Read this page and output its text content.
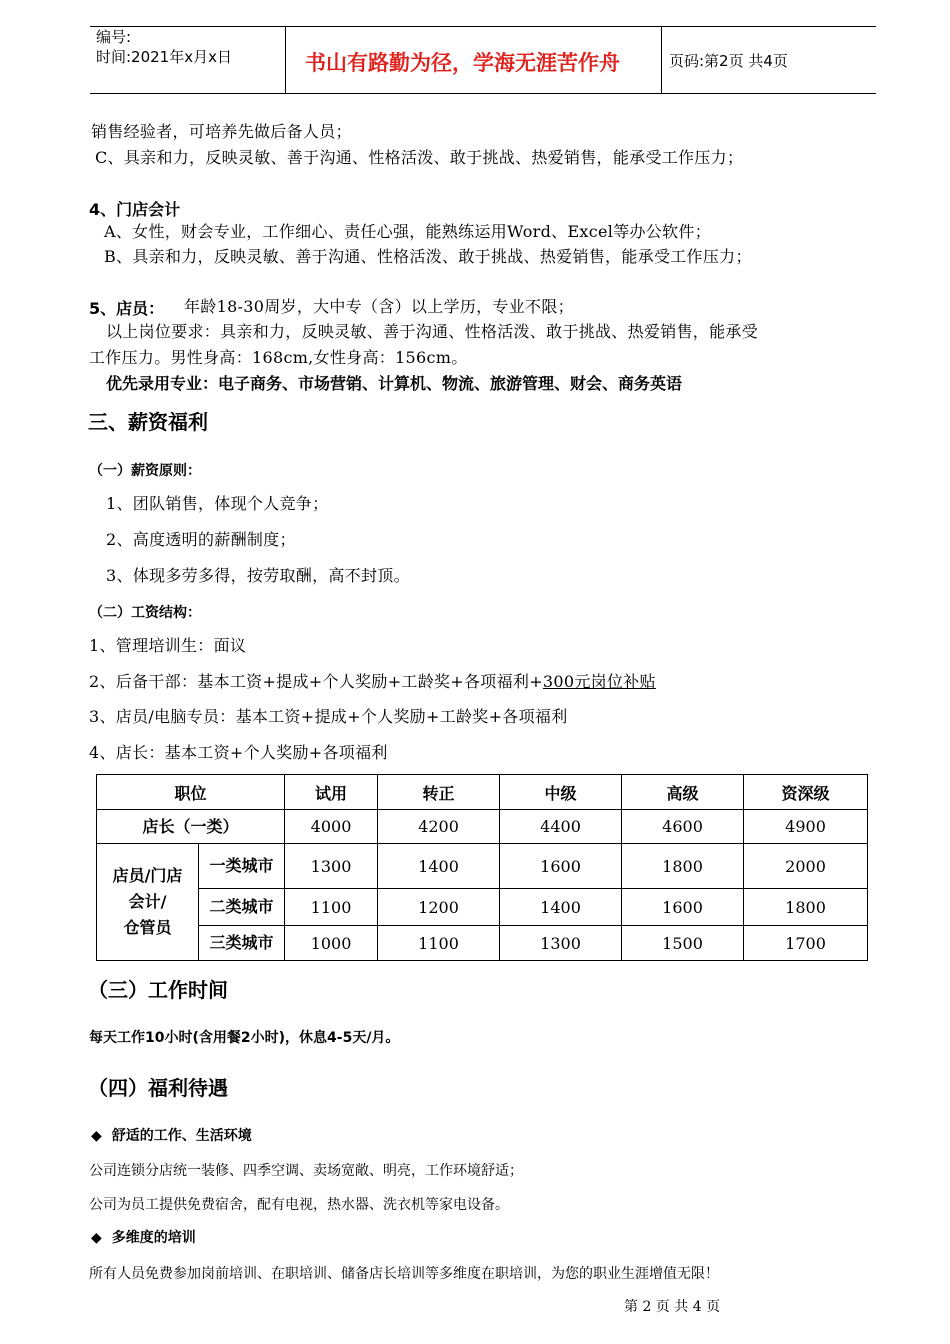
编号:
时间:2021年x月x日	书山有路勤为径，学海无涯苦作舟	页码:第2页 共4页
销售经验者，可培养先做后备人员；
C、具亲和力，反映灵敏、善于沟通、性格活泼、敢于挑战、热爱销售，能承受工作压力；
4、门店会计
A、女性，财会专业，工作细心、责任心强，能熟练运用Word、Excel等办公软件；
B、具亲和力，反映灵敏、善于沟通、性格活泼、敢于挑战、热爱销售，能承受工作压力；
5、店员： 年龄18-30周岁，大中专（含）以上学历，专业不限；
以上岗位要求：具亲和力，反映灵敏、善于沟通、性格活泼、敢于挑战、热爱销售，能承受
工作压力。男性身高：168cm,女性身高：156cm。
优先录用专业：电子商务、市场营销、计算机、物流、旅游管理、财会、商务英语
三、薪资福利
（一）薪资原则：
1、团队销售，体现个人竞争；
2、高度透明的薪酬制度；
3、体现多劳多得，按劳取酬，高不封顶。
（二）工资结构：
1、管理培训生：面议
2、后备干部：基本工资+提成+个人奖励+工龄奖+各项福利+300元岗位补贴
3、店员/电脑专员：基本工资+提成+个人奖励+工龄奖+各项福利
4、店长：基本工资+个人奖励+各项福利
职位		试用	转正	中级	高级	资深级
店长（一类）		4000	4200	4400	4600	4900

店员/门店
会计/
仓管员	一类城市	1300	1400	1600	1800	2000
	二类城市	1100	1200	1400	1600	1800
	三类城市	1000	1100	1300	1500	1700
（三）工作时间
每天工作10小时(含用餐2小时)，休息4-5天/月。
（四）福利待遇
◆ 舒适的工作、生活环境
公司连锁分店统一装修、四季空调、卖场宽敞、明亮，工作环境舒适；
公司为员工提供免费宿舍，配有电视，热水器、洗衣机等家电设备。
◆ 多维度的培训
所有人员免费参加岗前培训、在职培训、储备店长培训等多维度在职培训，为您的职业生涯增值无限！
第 2 页 共 4 页
